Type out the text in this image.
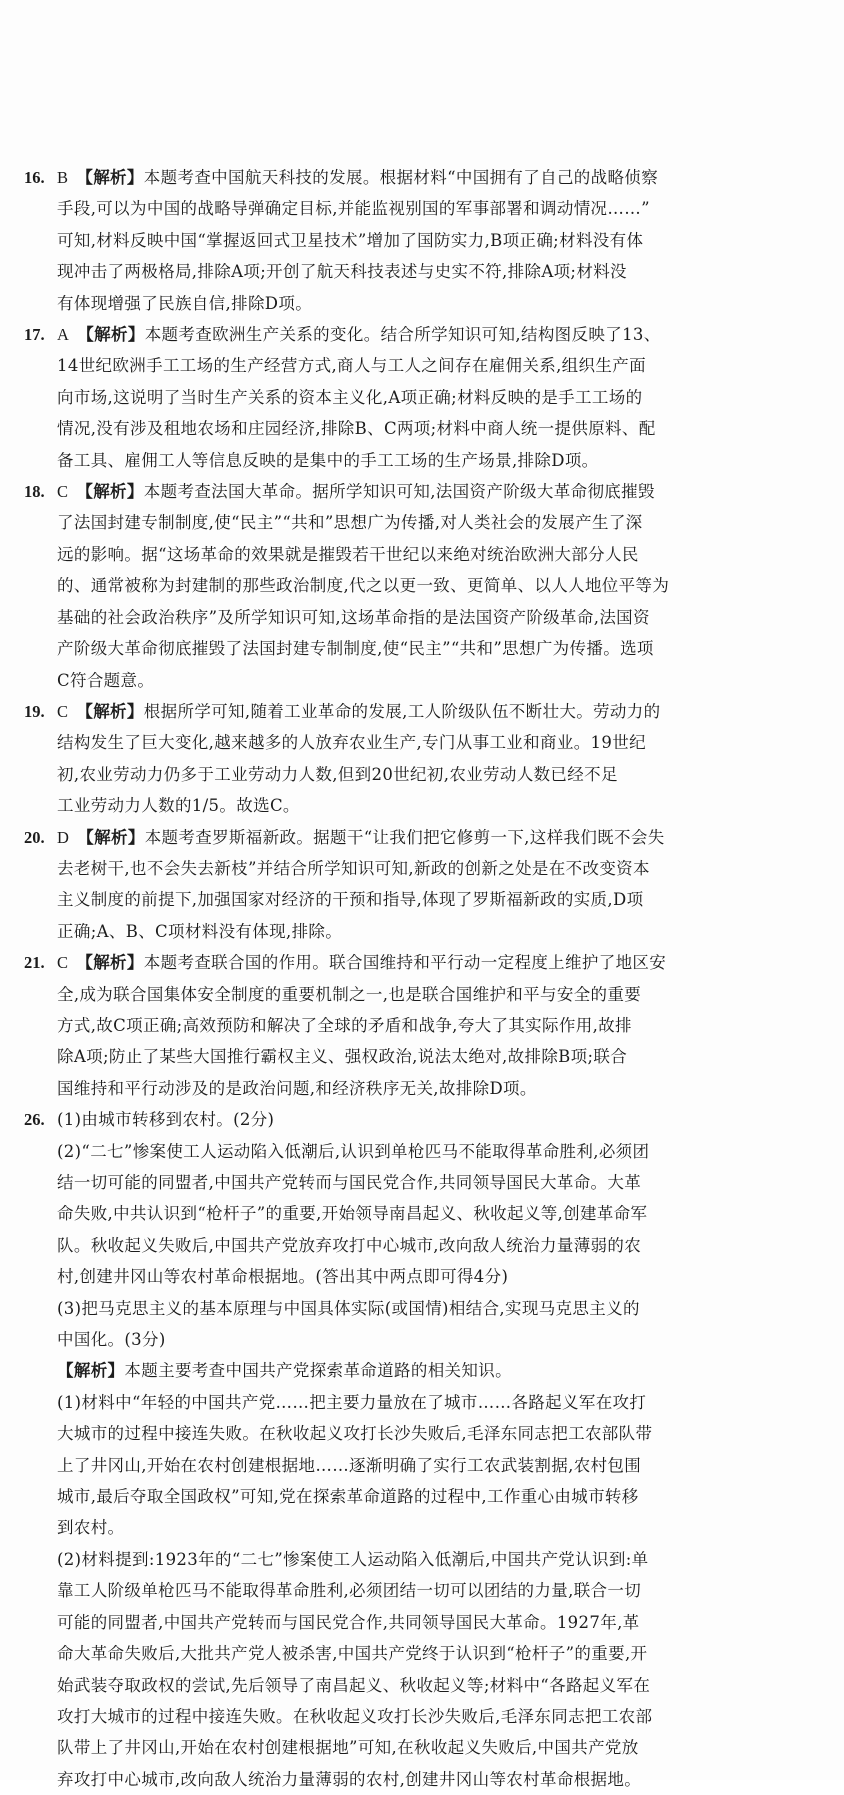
16. B 【解析】本题考查中国航天科技的发展。根据材料“中国拥有了自己的战略侦察
手段,可以为中国的战略导弹确定目标,并能监视别国的军事部署和调动情况……”
可知,材料反映中国“掌握返回式卫星技术”增加了国防实力,B项正确;材料没有体
现冲击了两极格局,排除A项;开创了航天科技表述与史实不符,排除A项;材料没
有体现增强了民族自信,排除D项。
17. A 【解析】本题考查欧洲生产关系的变化。结合所学知识可知,结构图反映了13、
14世纪欧洲手工工场的生产经营方式,商人与工人之间存在雇佣关系,组织生产面
向市场,这说明了当时生产关系的资本主义化,A项正确;材料反映的是手工工场的
情况,没有涉及租地农场和庄园经济,排除B、C两项;材料中商人统一提供原料、配
备工具、雇佣工人等信息反映的是集中的手工工场的生产场景,排除D项。
18. C 【解析】本题考查法国大革命。据所学知识可知,法国资产阶级大革命彻底摧毁
了法国封建专制制度,使“民主”“共和”思想广为传播,对人类社会的发展产生了深
远的影响。据“这场革命的效果就是摧毁若干世纪以来绝对统治欧洲大部分人民
的、通常被称为封建制的那些政治制度,代之以更一致、更简单、以人人地位平等为
基础的社会政治秩序”及所学知识可知,这场革命指的是法国资产阶级革命,法国资
产阶级大革命彻底摧毁了法国封建专制制度,使“民主”“共和”思想广为传播。选项
C符合题意。
19. C 【解析】根据所学可知,随着工业革命的发展,工人阶级队伍不断壮大。劳动力的
结构发生了巨大变化,越来越多的人放弃农业生产,专门从事工业和商业。19世纪
初,农业劳动力仍多于工业劳动力人数,但到20世纪初,农业劳动人数已经不足
工业劳动力人数的1/5。故选C。
20. D 【解析】本题考查罗斯福新政。据题干“让我们把它修剪一下,这样我们既不会失
去老树干,也不会失去新枝”并结合所学知识可知,新政的创新之处是在不改变资本
主义制度的前提下,加强国家对经济的干预和指导,体现了罗斯福新政的实质,D项
正确;A、B、C项材料没有体现,排除。
21. C 【解析】本题考查联合国的作用。联合国维持和平行动一定程度上维护了地区安
全,成为联合国集体安全制度的重要机制之一,也是联合国维护和平与安全的重要
方式,故C项正确;高效预防和解决了全球的矛盾和战争,夸大了其实际作用,故排
除A项;防止了某些大国推行霸权主义、强权政治,说法太绝对,故排除B项;联合
国维持和平行动涉及的是政治问题,和经济秩序无关,故排除D项。
26. (1)由城市转移到农村。(2分)
(2)“二七”惨案使工人运动陷入低潮后,认识到单枪匹马不能取得革命胜利,必须团
结一切可能的同盟者,中国共产党转而与国民党合作,共同领导国民大革命。大革
命失败,中共认识到“枪杆子”的重要,开始领导南昌起义、秋收起义等,创建革命军
队。秋收起义失败后,中国共产党放弃攻打中心城市,改向敌人统治力量薄弱的农
村,创建井冈山等农村革命根据地。(答出其中两点即可得4分)
(3)把马克思主义的基本原理与中国具体实际(或国情)相结合,实现马克思主义的
中国化。(3分)
【解析】本题主要考查中国共产党探索革命道路的相关知识。
(1)材料中“年轻的中国共产党……把主要力量放在了城市……各路起义军在攻打
大城市的过程中接连失败。在秋收起义攻打长沙失败后,毛泽东同志把工农部队带
上了井冈山,开始在农村创建根据地……逐渐明确了实行工农武装割据,农村包围
城市,最后夺取全国政权”可知,党在探索革命道路的过程中,工作重心由城市转移
到农村。
(2)材料提到:1923年的“二七”惨案使工人运动陷入低潮后,中国共产党认识到:单
靠工人阶级单枪匹马不能取得革命胜利,必须团结一切可以团结的力量,联合一切
可能的同盟者,中国共产党转而与国民党合作,共同领导国民大革命。1927年,革
命大革命失败后,大批共产党人被杀害,中国共产党终于认识到“枪杆子”的重要,开
始武装夺取政权的尝试,先后领导了南昌起义、秋收起义等;材料中“各路起义军在
攻打大城市的过程中接连失败。在秋收起义攻打长沙失败后,毛泽东同志把工农部
队带上了井冈山,开始在农村创建根据地”可知,在秋收起义失败后,中国共产党放
弃攻打中心城市,改向敌人统治力量薄弱的农村,创建井冈山等农村革命根据地。
